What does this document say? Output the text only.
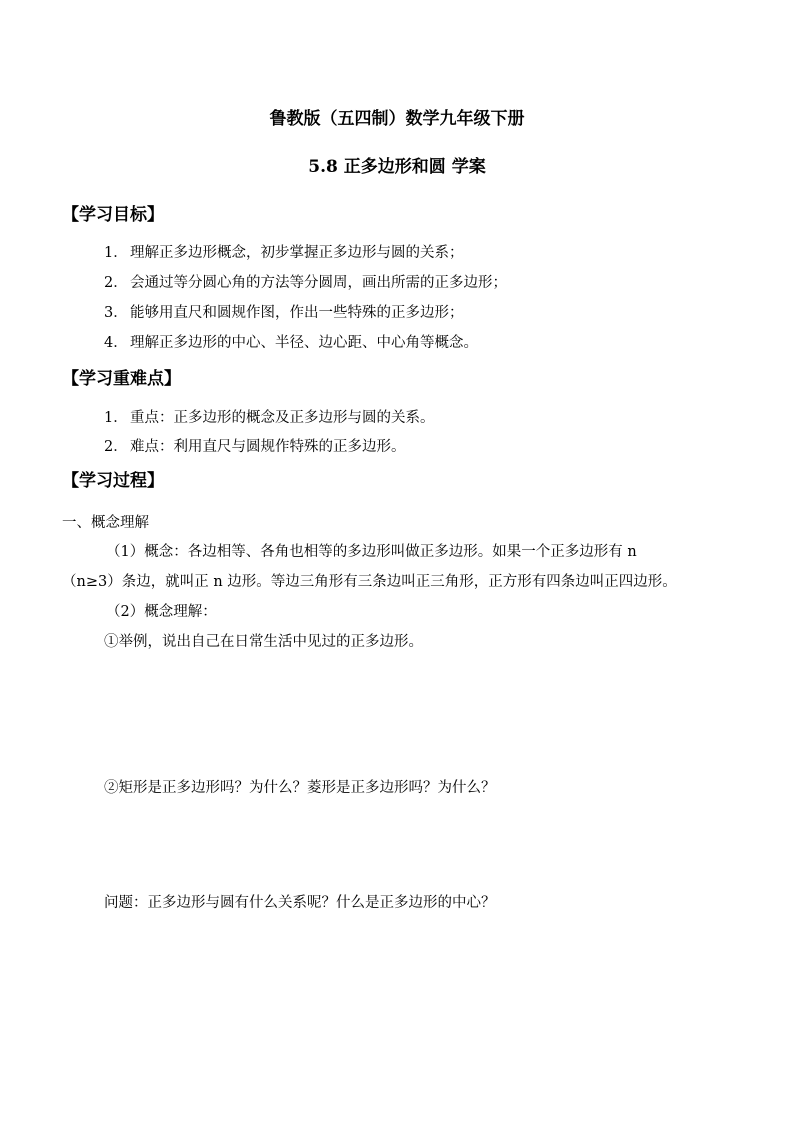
鲁教版（五四制）数学九年级下册
5.8 正多边形和圆 学案
【学习目标】
1． 理解正多边形概念，初步掌握正多边形与圆的关系；
2． 会通过等分圆心角的方法等分圆周，画出所需的正多边形；
3． 能够用直尺和圆规作图，作出一些特殊的正多边形；
4． 理解正多边形的中心、半径、边心距、中心角等概念。
【学习重难点】
1． 重点：正多边形的概念及正多边形与圆的关系。
2． 难点：利用直尺与圆规作特殊的正多边形。
【学习过程】
一、概念理解
（1）概念：各边相等、各角也相等的多边形叫做正多边形。如果一个正多边形有 n
（n≥3）条边，就叫正 n 边形。等边三角形有三条边叫正三角形，正方形有四条边叫正四边形。
（2）概念理解：
①举例，说出自己在日常生活中见过的正多边形。
②矩形是正多边形吗？为什么？菱形是正多边形吗？为什么？
问题：正多边形与圆有什么关系呢？什么是正多边形的中心？
